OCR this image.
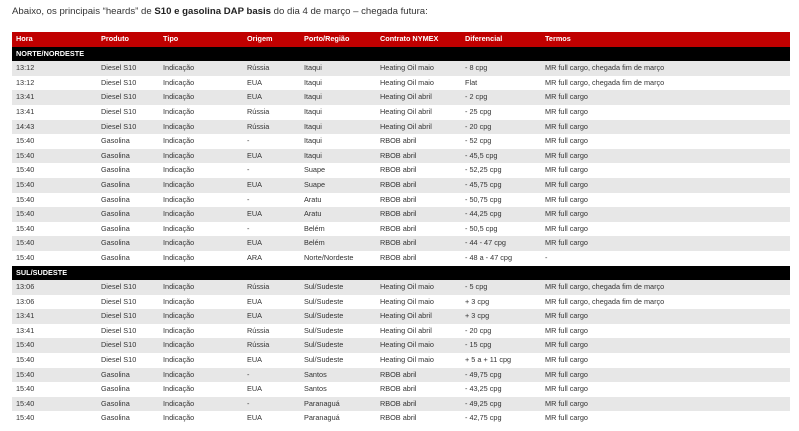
Abaixo, os principais “heards” de S10 e gasolina DAP basis do dia 4 de março – chegada futura:
Hora	Produto	Tipo	Origem	Porto/Região	Contrato NYMEX	Diferencial	Termos
NORTE/NORDESTE							
13:12	Diesel S10	Indicação	Rússia	Itaqui	Heating Oil maio	- 8 cpg	MR full cargo, chegada fim de março
13:12	Diesel S10	Indicação	EUA	Itaqui	Heating Oil maio	Flat	MR full cargo, chegada fim de março
13:41	Diesel S10	Indicação	EUA	Itaqui	Heating Oil abril	- 2 cpg	MR full cargo
13:41	Diesel S10	Indicação	Rússia	Itaqui	Heating Oil abril	- 25 cpg	MR full cargo
14:43	Diesel S10	Indicação	Rússia	Itaqui	Heating Oil abril	- 20 cpg	MR full cargo
15:40	Gasolina	Indicação	-	Itaqui	RBOB abril	- 52 cpg	MR full cargo
15:40	Gasolina	Indicação	EUA	Itaqui	RBOB abril	- 45,5 cpg	MR full cargo
15:40	Gasolina	Indicação	-	Suape	RBOB abril	- 52,25 cpg	MR full cargo
15:40	Gasolina	Indicação	EUA	Suape	RBOB abril	- 45,75 cpg	MR full cargo
15:40	Gasolina	Indicação	-	Aratu	RBOB abril	- 50,75 cpg	MR full cargo
15:40	Gasolina	Indicação	EUA	Aratu	RBOB abril	- 44,25 cpg	MR full cargo
15:40	Gasolina	Indicação	-	Belém	RBOB abril	- 50,5 cpg	MR full cargo
15:40	Gasolina	Indicação	EUA	Belém	RBOB abril	- 44 - 47 cpg	MR full cargo
15:40	Gasolina	Indicação	ARA	Norte/Nordeste	RBOB abril	- 48 a - 47 cpg	-
SUL/SUDESTE							
13:06	Diesel S10	Indicação	Rússia	Sul/Sudeste	Heating Oil maio	- 5 cpg	MR full cargo, chegada fim de março
13:06	Diesel S10	Indicação	EUA	Sul/Sudeste	Heating Oil maio	+ 3 cpg	MR full cargo, chegada fim de março
13:41	Diesel S10	Indicação	EUA	Sul/Sudeste	Heating Oil abril	+ 3 cpg	MR full cargo
13:41	Diesel S10	Indicação	Rússia	Sul/Sudeste	Heating Oil abril	- 20 cpg	MR full cargo
15:40	Diesel S10	Indicação	Rússia	Sul/Sudeste	Heating Oil maio	- 15 cpg	MR full cargo
15:40	Diesel S10	Indicação	EUA	Sul/Sudeste	Heating Oil maio	+ 5 a + 11 cpg	MR full cargo
15:40	Gasolina	Indicação	-	Santos	RBOB abril	- 49,75 cpg	MR full cargo
15:40	Gasolina	Indicação	EUA	Santos	RBOB abril	- 43,25 cpg	MR full cargo
15:40	Gasolina	Indicação	-	Paranaguá	RBOB abril	- 49,25 cpg	MR full cargo
15:40	Gasolina	Indicação	EUA	Paranaguá	RBOB abril	- 42,75 cpg	MR full cargo
